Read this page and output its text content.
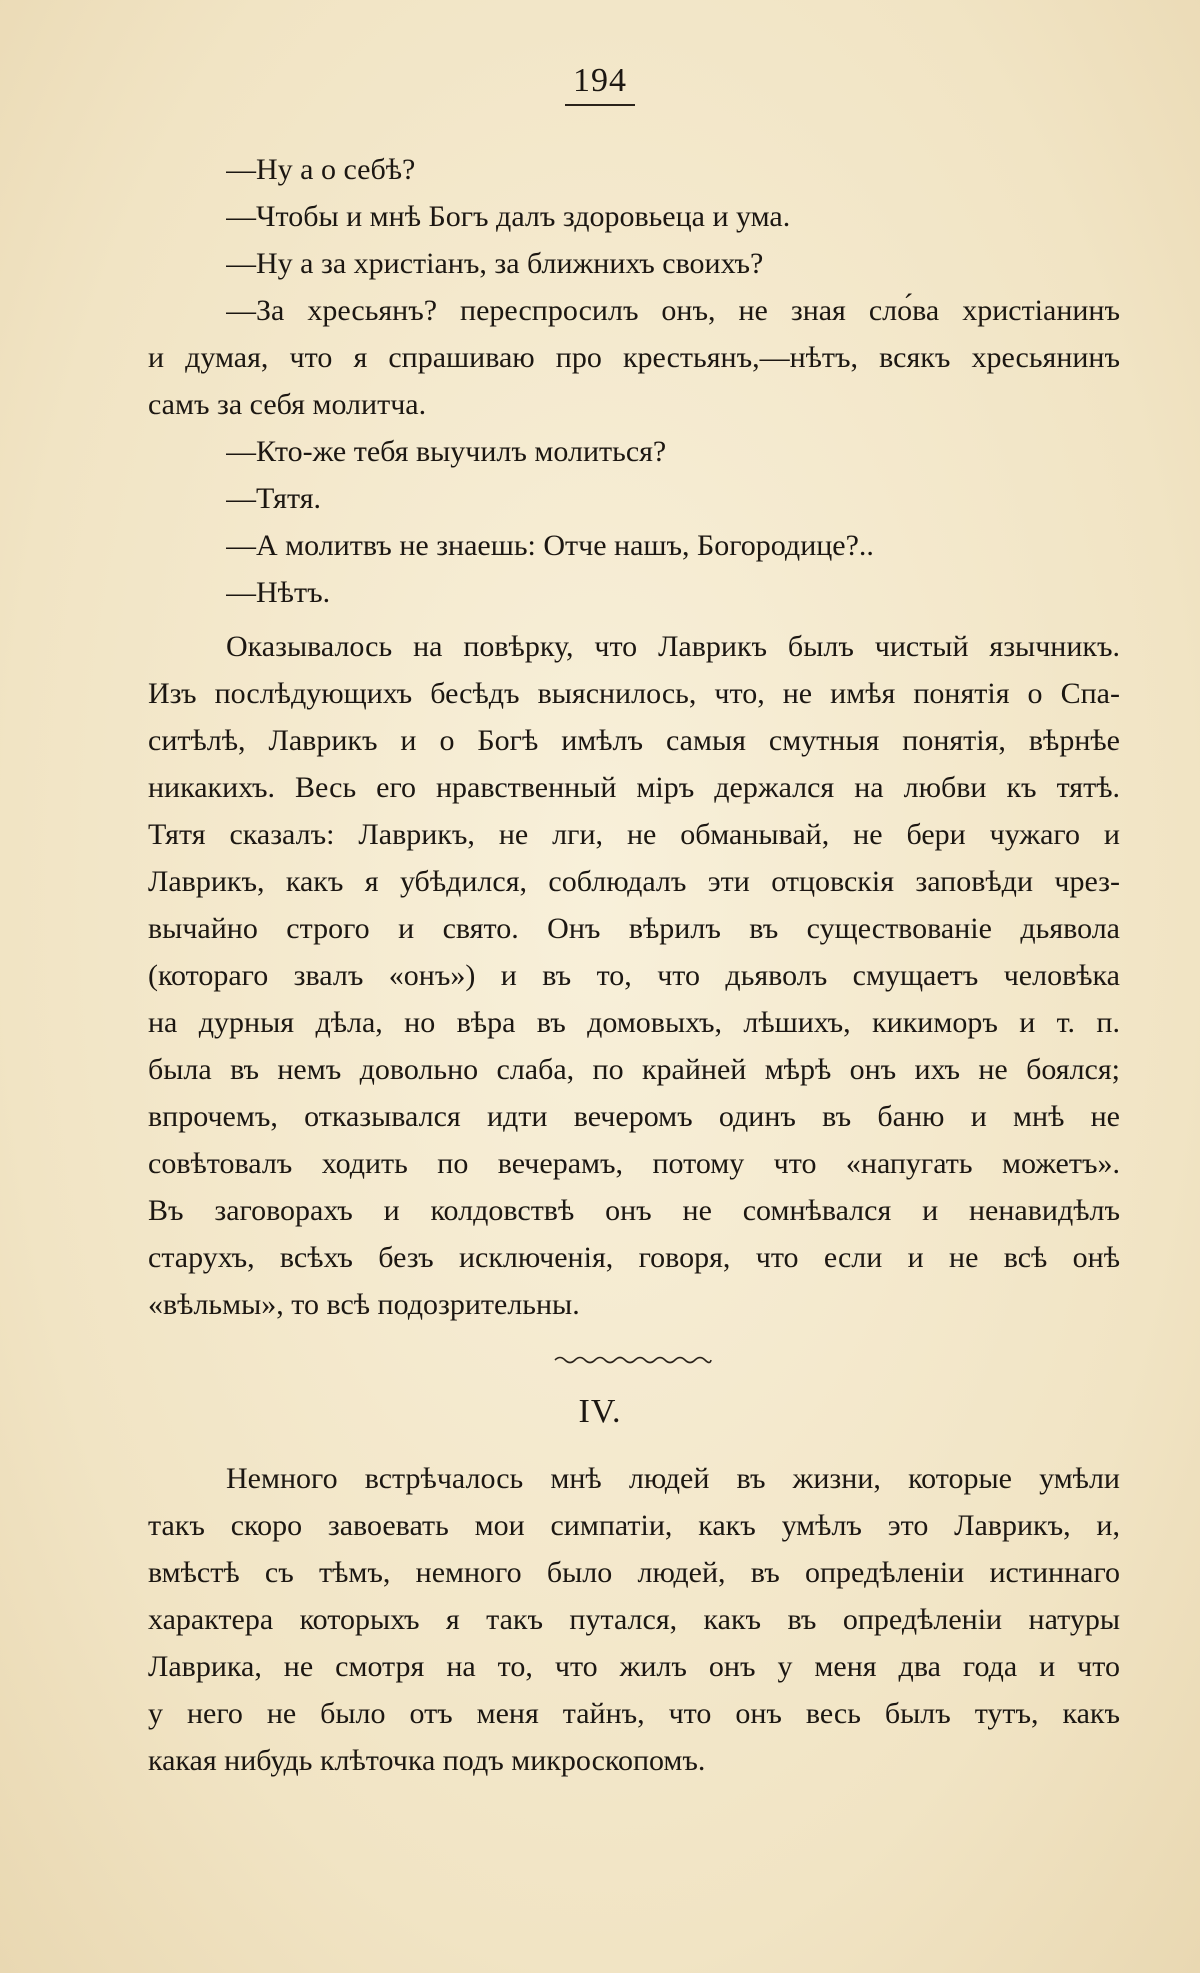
194
—Ну а о себѣ?
—Чтобы и мнѣ Богъ далъ здоровьеца и ума.
—Ну а за христіанъ, за ближнихъ своихъ?
—За хресьянъ? переспросилъ онъ, не зная сло́ва христіанинъ
и думая, что я спрашиваю про крестьянъ,—нѣтъ, всякъ хресьянинъ
самъ за себя молитча.
—Кто-же тебя выучилъ молиться?
—Тятя.
—А молитвъ не знаешь: Отче нашъ, Богородице?..
—Нѣтъ.
Оказывалось на повѣрку, что Лаврикъ былъ чистый язычникъ.
Изъ послѣдующихъ бесѣдъ выяснилось, что, не имѣя понятія о Спа-
ситѣлѣ, Лаврикъ и о Богѣ имѣлъ самыя смутныя понятія, вѣрнѣе
никакихъ. Весь его нравственный міръ держался на любви къ тятѣ.
Тятя сказалъ: Лаврикъ, не лги, не обманывай, не бери чужаго и
Лаврикъ, какъ я убѣдился, соблюдалъ эти отцовскія заповѣди чрез-
вычайно строго и свято. Онъ вѣрилъ въ существованіе дьявола
(котораго звалъ «онъ») и въ то, что дьяволъ смущаетъ человѣка
на дурныя дѣла, но вѣра въ домовыхъ, лѣшихъ, кикиморъ и т. п.
была въ немъ довольно слаба, по крайней мѣрѣ онъ ихъ не боялся;
впрочемъ, отказывался идти вечеромъ одинъ въ баню и мнѣ не
совѣтовалъ ходить по вечерамъ, потому что «напугать можетъ».
Въ заговорахъ и колдовствѣ онъ не сомнѣвался и ненавидѣлъ
старухъ, всѣхъ безъ исключенія, говоря, что если и не всѣ онѣ
«вѣльмы», то всѣ подозрительны.
Немного встрѣчалось мнѣ людей въ жизни, которые умѣли
такъ скоро завоевать мои симпатіи, какъ умѣлъ это Лаврикъ, и,
вмѣстѣ съ тѣмъ, немного было людей, въ опредѣленіи истиннаго
характера которыхъ я такъ путался, какъ въ опредѣленіи натуры
Лаврика, не смотря на то, что жилъ онъ у меня два года и что
у него не было отъ меня тайнъ, что онъ весь былъ тутъ, какъ
какая нибудь клѣточка подъ микроскопомъ.
IV.
